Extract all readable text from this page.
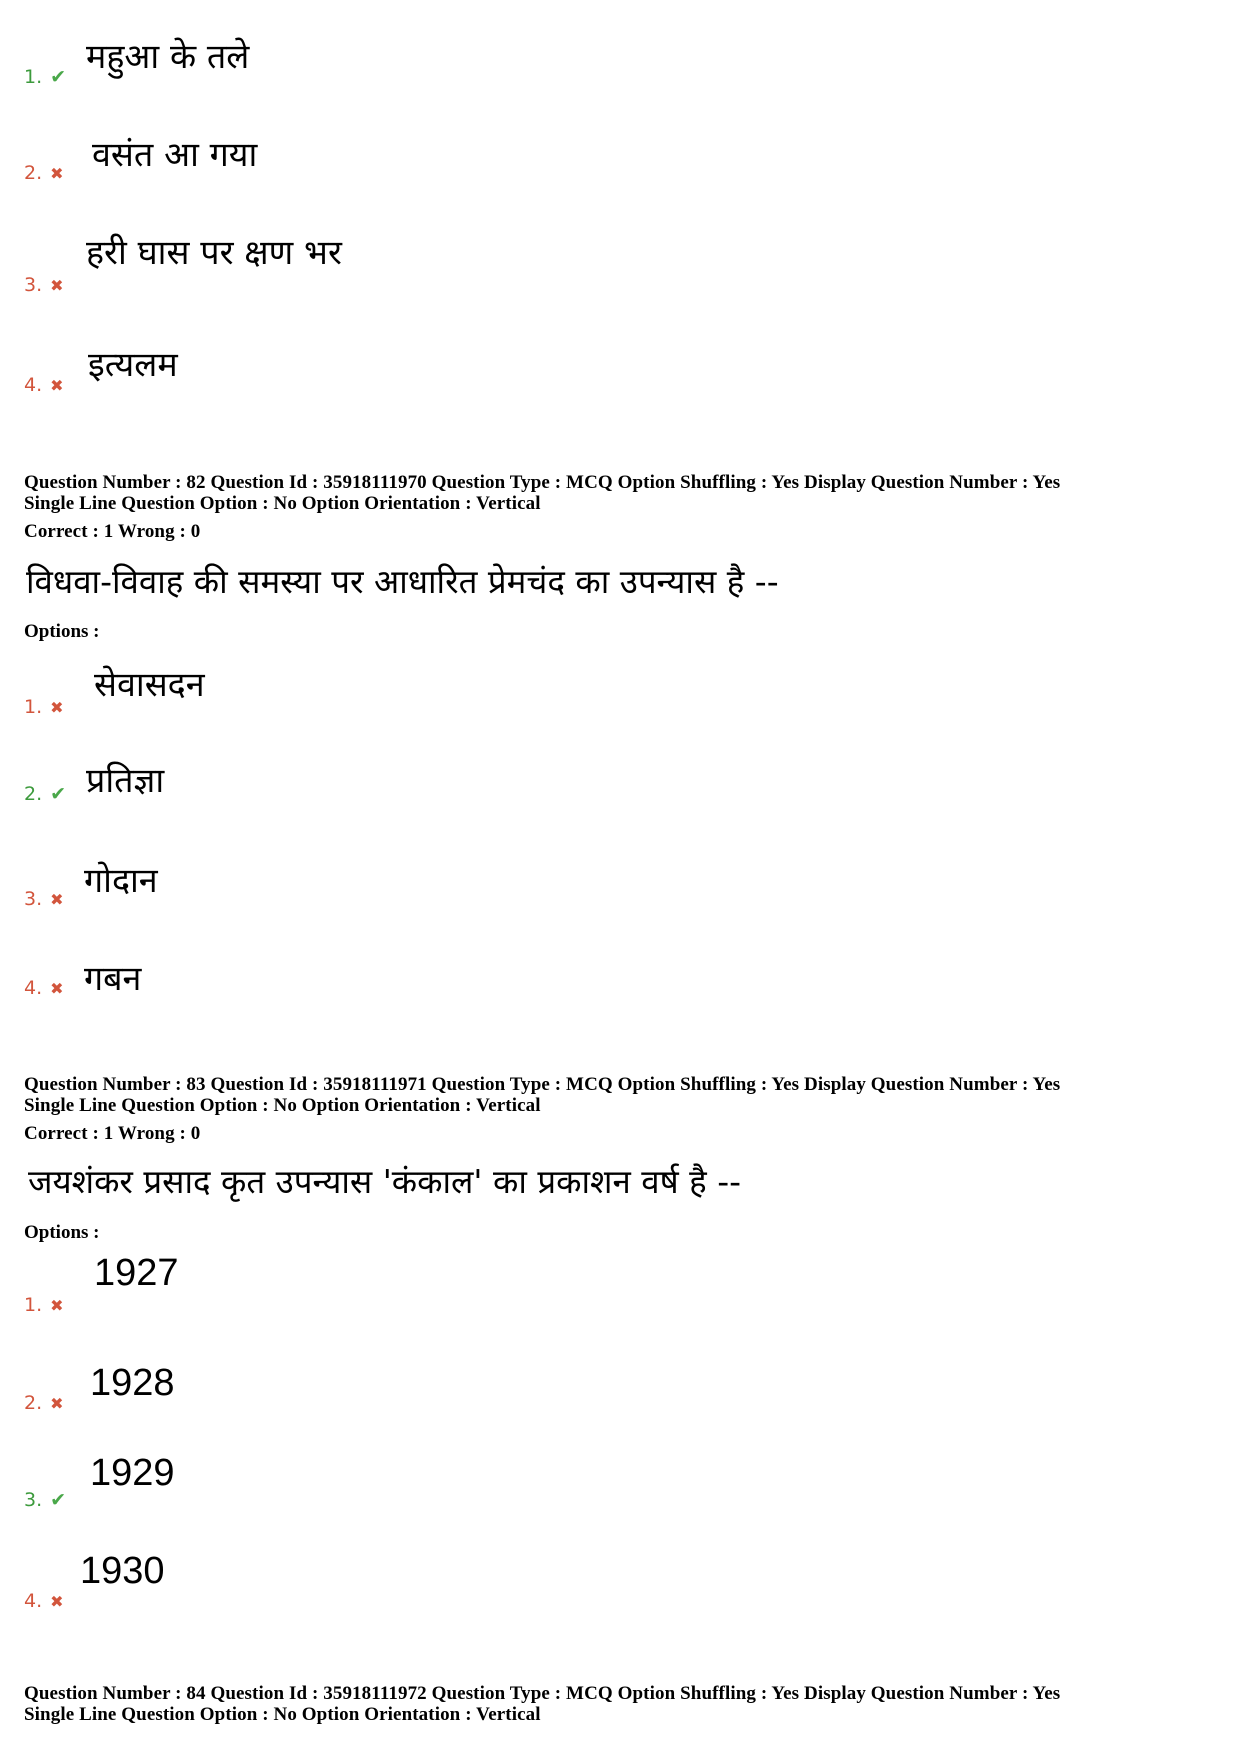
1. ✔ महुआ के तले
2. ✖ वसंत आ गया
3. ✖
हरी घास पर क्षण भर
4. ✖
इत्यलम
Question Number : 82 Question Id : 35918111970 Question Type : MCQ Option Shuffling : Yes Display Question Number : Yes
Single Line Question Option : No Option Orientation : Vertical
Correct : 1 Wrong : 0
विधवा-विवाह की समस्या पर आधारित प्रेमचंद का उपन्यास है --
Options :
1. ✖
सेवासदन
2. ✔ प्रतिज्ञा
3. ✖ गोदान
4. ✖ गबन
Question Number : 83 Question Id : 35918111971 Question Type : MCQ Option Shuffling : Yes Display Question Number : Yes
Single Line Question Option : No Option Orientation : Vertical
Correct : 1 Wrong : 0
जयशंकर प्रसाद कृत उपन्यास 'कंकाल' का प्रकाशन वर्ष है --
Options :
1. ✖
1927
2. ✖ 1928
3. ✔
1929
4. ✖
1930
Question Number : 84 Question Id : 35918111972 Question Type : MCQ Option Shuffling : Yes Display Question Number : Yes
Single Line Question Option : No Option Orientation : Vertical
